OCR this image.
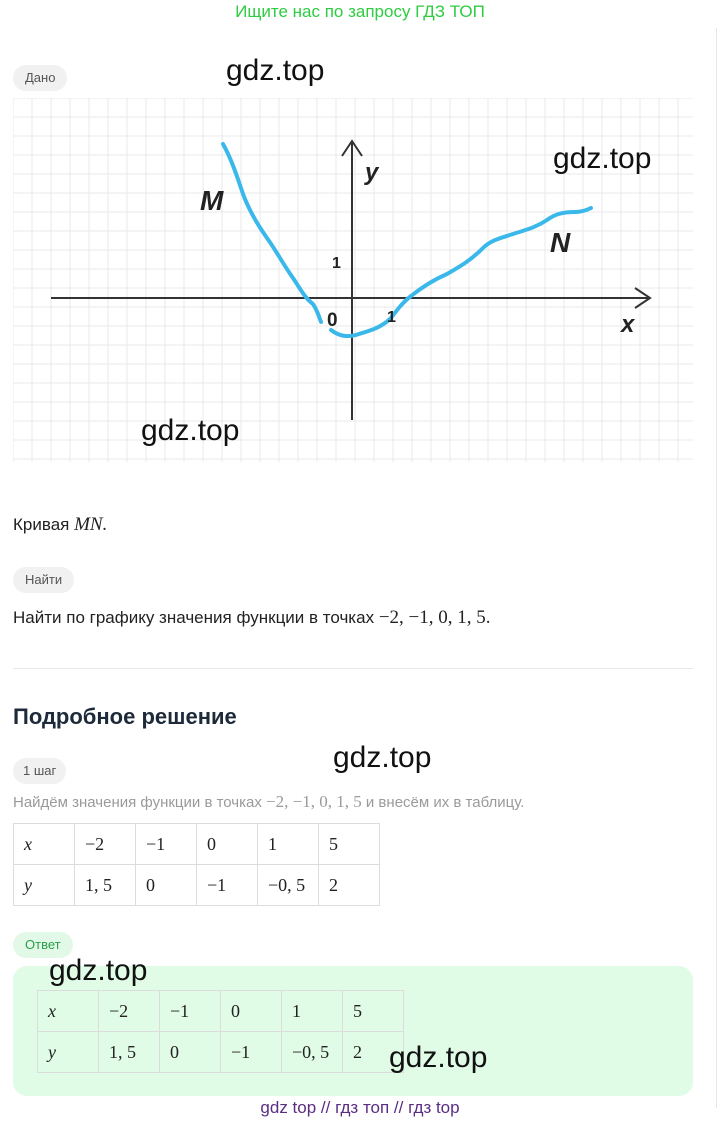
Ищите нас по запросу ГДЗ ТОП
Дано
x
y
0	1
1
M
N
gdz.top
gdz.top
gdz.top
Кривая MN.
Найти
Найти по графику значения функции в точках −2, −1, 0, 1, 5.
Подробное решение
gdz.top
1 шаг
Найдём значения функции в точках −2, −1, 0, 1, 5 и внесём их в таблицу.
x	−2	−1	0	1	5
y	1, 5	0	−1	−0, 5	2
Ответ
x	−2	−1	0	1	5
y	1, 5	0	−1	−0, 5	2
gdz.top
gdz.top
gdz top // гдз топ // гдз top
